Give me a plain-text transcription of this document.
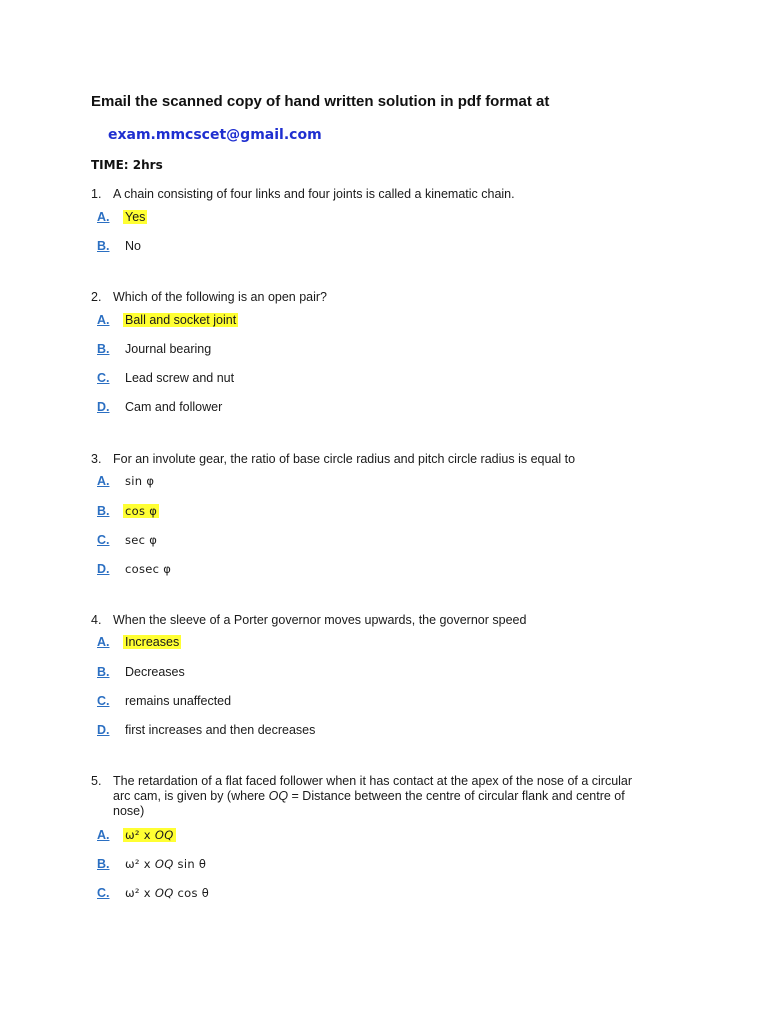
Email the scanned copy of hand written solution in pdf format at
exam.mmcscet@gmail.com
TIME: 2hrs
1. A chain consisting of four links and four joints is called a kinematic chain.
A.	Yes
B.	No
2. Which of the following is an open pair?
A.	Ball and socket joint
B.	Journal bearing
C.	Lead screw and nut
D.	Cam and follower
3. For an involute gear, the ratio of base circle radius and pitch circle radius is equal to
A.	sin φ
B.	cos φ
C.	sec φ
D.	cosec φ
4. When the sleeve of a Porter governor moves upwards, the governor speed
A.	Increases
B.	Decreases
C.	remains unaffected
D.	first increases and then decreases
5. The retardation of a flat faced follower when it has contact at the apex of the nose of a circular
arc cam, is given by (where OQ = Distance between the centre of circular flank and centre of
nose)
A.	ω² x OQ
B.	ω² x OQ sin θ
C.	ω² x OQ cos θ
